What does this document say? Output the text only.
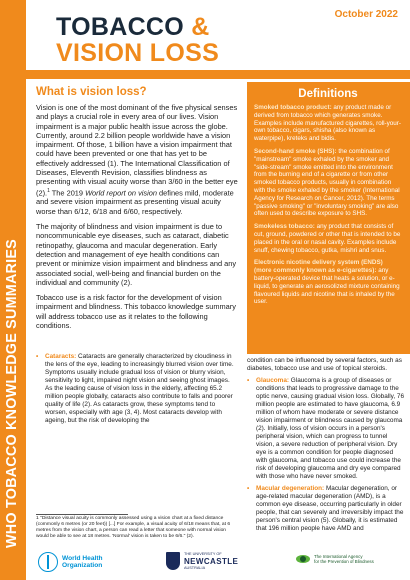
WHO TOBACCO KNOWLEDGE SUMMARIES
TOBACCO &
VISION LOSS
October 2022
What is vision loss?

Vision is one of the most dominant of the five physical senses and plays a crucial role in every area of our lives. Vision impairment is a major public health issue across the globe. Currently, around 2.2 billion people worldwide have a vision impairment. Of those, 1 billion have a vision impairment that could have been prevented or one that has yet to be effectively addressed (1). The International Classification of Diseases, Eleventh Revision, classifies blindness as presenting with visual acuity worse than 3/60 in the better eye (2).$^1$ The 2019 World report on vision defines mild, moderate and severe vision impairment as presenting visual acuity worse than 6/12, 6/18 and 6/60, respectively.

The majority of blindness and vision impairment is due to noncommunicable eye diseases, such as cataract, diabetic retinopathy, glaucoma and macular degeneration. Early detection and management of eye health conditions can prevent or minimize vision impairment and blindness and any associated social, well-being and financial burden on the individual and community (2).

Tobacco use is a risk factor for the development of vision impairment and blindness. This tobacco knowledge summary will address tobacco use as it relates to the following conditions.

Definitions
Smoked tobacco product: any product made or derived from tobacco which generates smoke. Examples include manufactured cigarettes, roll-your-own tobacco, cigars, shisha (also known as waterpipe), kreteks and bidis.
Second-hand smoke (SHS): the combination of "mainstream" smoke exhaled by the smoker and "side-stream" smoke emitted into the environment from the burning end of a cigarette or from other smoked tobacco products, usually in combination with the smoke exhaled by the smoker (International Agency for Research on Cancer, 2012). The terms "passive smoking" or "involuntary smoking" are also often used to describe exposure to SHS.
Smokeless tobacco: any product that consists of cut, ground, powdered or other that is intended to be placed in the oral or nasal cavity. Examples include snuff, chewing tobacco, gutka, mishri and snus.
Electronic nicotine delivery system (ENDS) (more commonly known as e-cigarettes): any battery-operated device that heats a solution, or e-liquid, to generate an aerosolized mixture containing flavoured liquids and nicotine that is inhaled by the user.
• Cataracts: Cataracts are generally characterized by cloudiness in the lens of the eye, leading to increasingly blurred vision over time. Symptoms usually include gradual loss of vision or blurry vision, sensitivity to light, impaired night vision and seeing ghost images. As the leading cause of vision loss in the elderly, affecting 65.2 million people globally, cataracts also contribute to falls and poorer quality of life (2). As cataracts grow, these symptoms tend to worsen, especially with age (3, 4). Most cataracts develop with ageing, but the risk of developing the

condition can be influenced by several factors, such as diabetes, tobacco use and use of topical steroids.

• Glaucoma: Glaucoma is a group of diseases or conditions that leads to progressive damage to the optic nerve, causing gradual vision loss. Globally, 76 million people are estimated to have glaucoma, 6.9 million of whom have moderate or severe distance vision impairment or blindness caused by glaucoma (2). Initially, loss of vision occurs in a person's peripheral vision, which can progress to tunnel vision, a severe reduction of peripheral vision. Dry eye is a common condition for people diagnosed with glaucoma, and tobacco use could increase the risk of developing glaucoma and dry eye compared with those who have never smoked.
• Macular degeneration: Macular degeneration, or age-related macular degeneration (AMD), is a common eye disease, occurring particularly in older people, that can severely and irreversibly impact the person's central vision (5). Globally, it is estimated that 196 million people have AMD and
1 "Distance visual acuity is commonly assessed using a vision chart at a fixed distance (commonly 6 metres (or 20 feet)) [...] For example, a visual acuity of 6/18 means that, at 6 metres from the vision chart, a person can read a letter that someone with normal vision would be able to see at 18 metres. 'Normal' vision is taken to be 6/6." (2).
World Health
Organization
THE UNIVERSITY OF
NEWCASTLE
AUSTRALIA
The International Agency
for the Prevention of Blindness
